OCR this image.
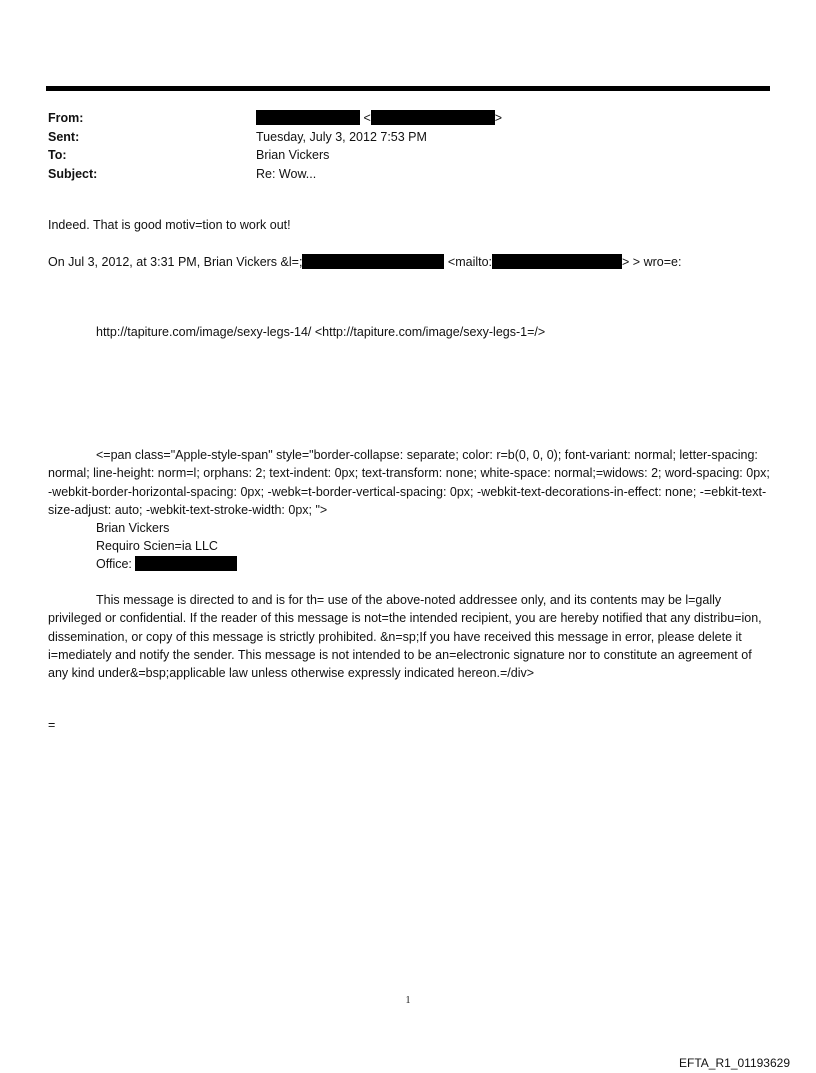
From:	<	>
Sent:	Tuesday, July 3, 2012 7:53 PM
To:	Brian Vickers
Subject:	Re: Wow...
Indeed. That is good motiv=tion to work out!
On Jul 3, 2012, at 3:31 PM, Brian Vickers &l=;	<mailto:	> > wro=e:
http://tapiture.com/image/sexy-legs-14/ <http://tapiture.com/image/sexy-legs-1=/>

<=pan class="Apple-style-span" style="border-collapse: separate; color: r=b(0, 0, 0); font-variant: normal; letter-spacing: normal; line-height: norm=l; orphans: 2; text-indent: 0px; text-transform: none; white-space: normal;=widows: 2; word-spacing: 0px; -webkit-border-horizontal-spacing: 0px; -webk=t-border-vertical-spacing: 0px; -webkit-text-decorations-in-effect: none; -=ebkit-text-size-adjust: auto; -webkit-text-stroke-width: 0px; ">

Brian Vickers
Requiro Scien=ia LLC
Office:

This message is directed to and is for th= use of the above-noted addressee only, and its contents may be l=gally privileged or confidential. If the reader of this message is not=the intended recipient, you are hereby notified that any distribu=ion, dissemination, or copy of this message is strictly prohibited. &n=sp;If you have received this message in error, please delete it i=mediately and notify the sender. This message is not intended to be an=electronic signature nor to constitute an agreement of any kind under&=bsp;applicable law unless otherwise expressly indicated hereon.=/div>

=
1
EFTA_R1_01193629
